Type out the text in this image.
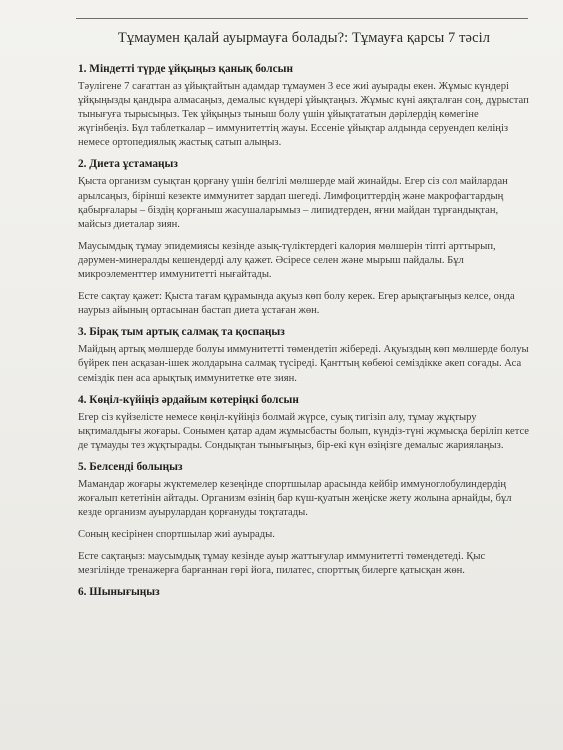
Тұмаумен қалай ауырмауға болады?: Тұмауға қарсы 7 тәсіл
1. Міндетті түрде ұйқыңыз қанық болсын

Тәулігене 7 сағаттан аз ұйықтайтын адамдар тұмаумен 3 есе жиі ауырады екен. Жұмыс күндері ұйқыңызды қандыра алмасаңыз, демалыс күндері ұйықтаңыз. Жұмыс күні аяқталған соң, дұрыстап тынығуға тырысыңыз. Тек ұйқыңыз тыныш болу үшін ұйықтататын дәрілердің көмегіне жүгінбеңіз. Бұл таблеткалар – иммунитеттің жауы. Ессеніе ұйықтар алдында серуендеп келіңіз немесе ортопедиялық жастық сатып алыңыз.

2. Диета ұстамаңыз

Қыста организм суықтан қорғану үшін белгілі мөлшерде май жинайды. Егер сіз сол майлардан арылсаңыз, бірінші кезекте иммунитет зардап шегеді. Лимфоциттердің және макрофагтардың қабырғалары – біздің қорғаныш жасушаларымыз – липидтерден, яғни майдан тұрғандықтан, майсыз диеталар зиян.

Маусымдық тұмау эпидемиясы кезінде азық-түліктердегі калория мөлшерін тіпті арттырып, дәрумен-минералды кешендерді алу қажет. Әсіресе селен және мырыш пайдалы. Бұл микроэлементтер иммунитетті нығайтады.

Есте сақтау қажет: Қыста тағам құрамында ақуыз көп болу керек. Егер арықтағыңыз келсе, онда наурыз айының ортасынан бастап диета ұстаған жөн.

3. Бірақ тым артық салмақ та қоспаңыз

Майдың артық мөлшерде болуы иммунитетті төмендетіп жібереді. Ақуыздың көп мөлшерде болуы бүйрек пен асқазан-ішек жолдарына салмақ түсіреді. Қанттың көбеюі семіздікке әкеп соғады. Аса семіздік пен аса арықтық иммунитетке өте зиян.

4. Көңіл-күйіңіз әрдайым көтеріңкі болсын

Егер сіз күйзелісте немесе көңіл-күйіңіз болмай жүрсе, суық тигізіп алу, тұмау жұқтыру ықтималдығы жоғары. Сонымен қатар адам жұмысбасты болып, күндіз-түні жұмысқа беріліп кетсе де тұмауды тез жұқтырады. Сондықтан тынығыңыз, бір-екі күн өзіңізге демалыс жариялаңыз.

5. Белсенді болыңыз

Мамандар жоғары жүктемелер кезеңінде спортшылар арасында кейбір иммуноглобулиндердің жоғалып кететінін айтады. Организм өзінің бар күш-қуатын жеңіске жету жолына арнайды, бұл кезде организм ауырулардан қорғануды тоқтатады.

Соның кесірінен спортшылар жиі ауырады.

Есте сақтаңыз: маусымдық тұмау кезінде ауыр жаттығулар иммунитетті төмендетеді. Қыс мезгілінде тренажерға барғаннан гөрі йога, пилатес, спорттық билерге қатысқан жөн.

6. Шынығыңыз
